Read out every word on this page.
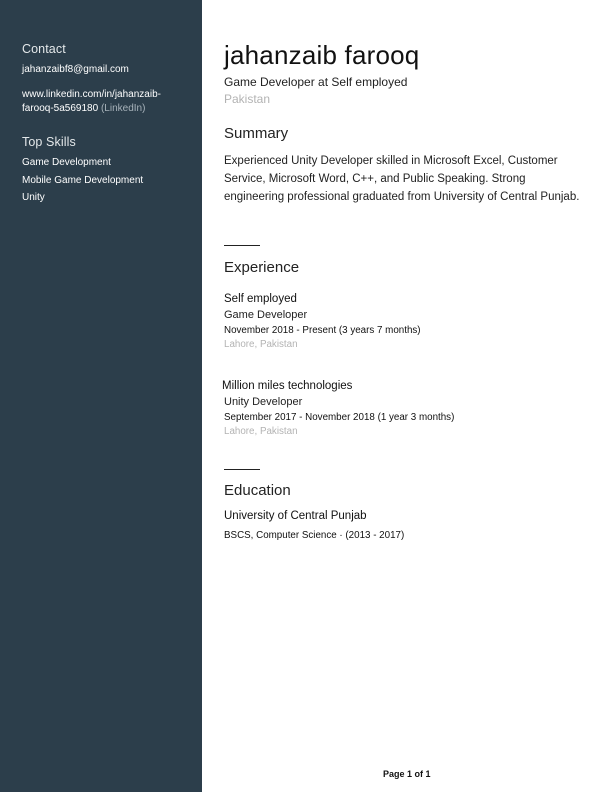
Contact
jahanzaibf8@gmail.com
www.linkedin.com/in/jahanzaib-farooq-5a569180 (LinkedIn)
Top Skills
Game Development
Mobile Game Development
Unity
jahanzaib farooq
Game Developer at Self employed
Pakistan
Summary

Experienced Unity Developer skilled in Microsoft Excel, Customer Service, Microsoft Word, C++, and Public Speaking. Strong engineering professional graduated from University of Central Punjab.

Experience
Self employed
Game Developer
November 2018 - Present (3 years 7 months)
Lahore, Pakistan
Million miles technologies
Unity Developer
September 2017 - November 2018 (1 year 3 months)
Lahore, Pakistan
Education
University of Central Punjab
BSCS, Computer Science · (2013 - 2017)
Page 1 of 1
